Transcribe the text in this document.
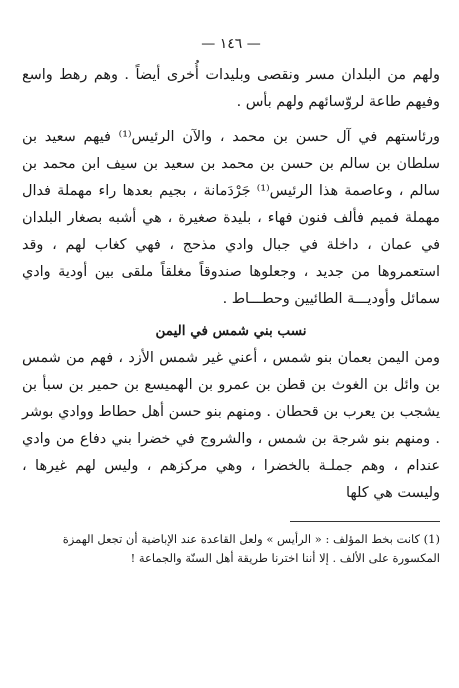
— ١٤٦ —

ولهم من البلدان مسر ونقصى وبليدات أُخرى أيضاً . وهم رهط واسع وفيهم طاعة لروّسائهم ولهم بأس .

ورئاستهم في آل حسن بن محمد ، والآن الرئيس⁽¹⁾ فيهم سعيد بن سلطان بن سالم بن حسن بن محمد بن سعيد بن سيف ابن محمد بن سالم ، وعاصمة هذا الرئيس⁽¹⁾ جَرْدَمانة ، بجيم بعدها راء مهملة فدال مهملة فميم فألف فنون فهاء ، بليدة صغيرة ، هي أشبه بصغار البلدان في عمان ، داخلة في جبال وادي مذحج ، فهي كغاب لهم ، وقد استعمروها من جديد ، وجعلوها صندوقاً مغلقاً ملقى بين أودية وادي سمائل وأوديـــة الطائيين وحطـــاط .

نسب بني شمس في اليمن

ومن اليمن بعمان بنو شمس ، أعني غير شمس الأزد ، فهم من شمس بن وائل بن الغوث بن قطن بن عمرو بن الهميسع بن حمير بن سبأ بن يشجب بن يعرب بن قحطان . ومنهم بنو حسن أهل حطاط ووادي بوشر . ومنهم بنو شرجة بن شمس ، والشروج في خضرا بني دفاع من وادي عندام ، وهم جملـة بالخضرا ، وهي مركزهم ، وليس لهم غيرها ، وليست هي كلها

(1) كانت بخط المؤلف : « الرأيس » ولعل القاعدة عند الإباضية أن تجعل الهمزة المكسورة على الألف . إلا أننا اخترنا طريقة أهل السنّة والجماعة !
